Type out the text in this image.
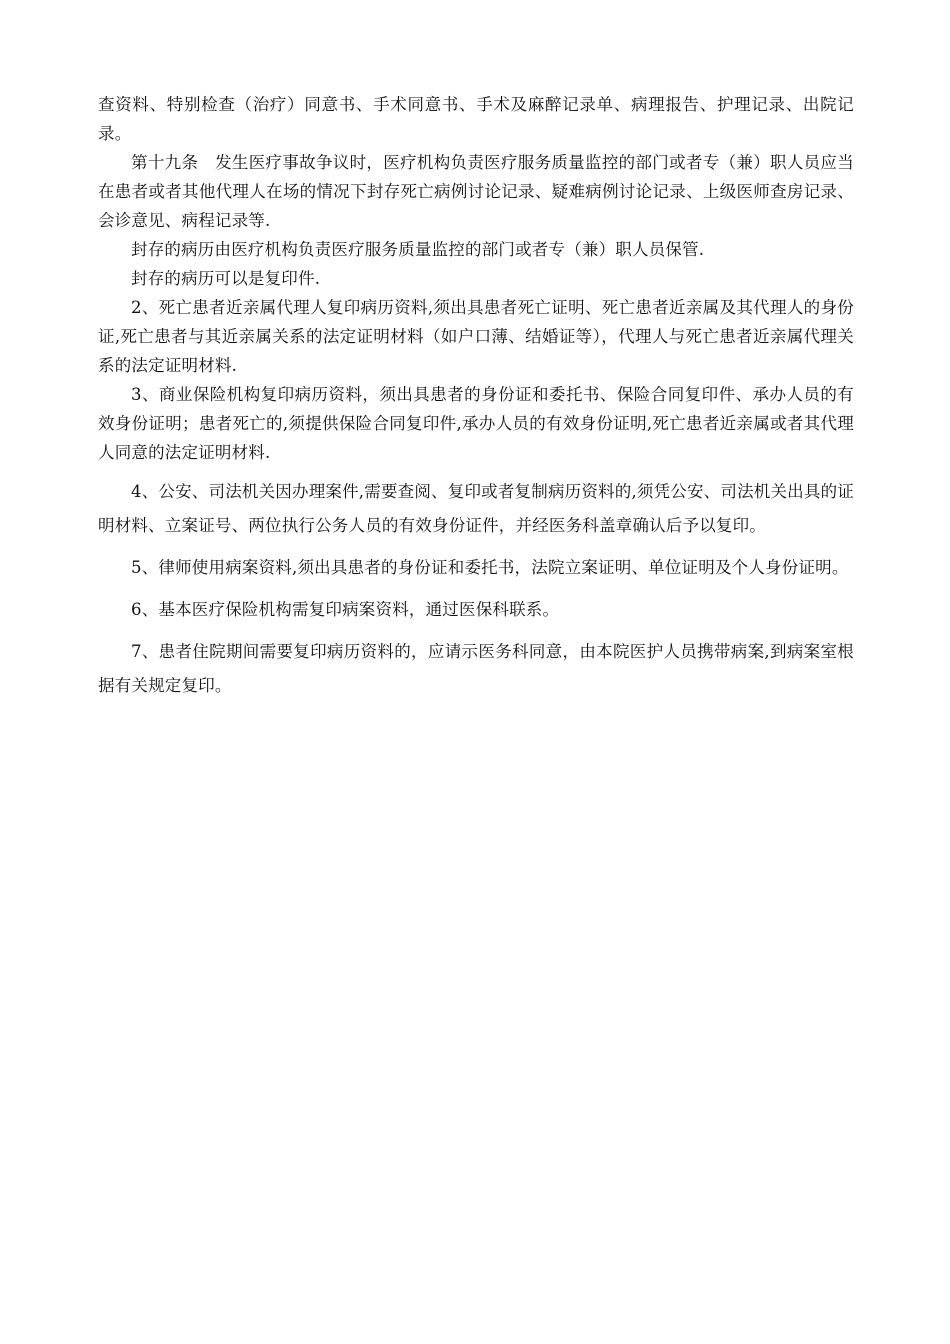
查资料、特别检查（治疗）同意书、手术同意书、手术及麻醉记录单、病理报告、护理记录、出院记录。

第十九条　发生医疗事故争议时，医疗机构负责医疗服务质量监控的部门或者专（兼）职人员应当在患者或者其他代理人在场的情况下封存死亡病例讨论记录、疑难病例讨论记录、上级医师查房记录、会诊意见、病程记录等.

封存的病历由医疗机构负责医疗服务质量监控的部门或者专（兼）职人员保管.

封存的病历可以是复印件.

2、死亡患者近亲属代理人复印病历资料,须出具患者死亡证明、死亡患者近亲属及其代理人的身份证,死亡患者与其近亲属关系的法定证明材料（如户口薄、结婚证等），代理人与死亡患者近亲属代理关系的法定证明材料.

3、商业保险机构复印病历资料，须出具患者的身份证和委托书、保险合同复印件、承办人员的有效身份证明；患者死亡的,须提供保险合同复印件,承办人员的有效身份证明,死亡患者近亲属或者其代理人同意的法定证明材料.

4、公安、司法机关因办理案件,需要查阅、复印或者复制病历资料的,须凭公安、司法机关出具的证明材料、立案证号、两位执行公务人员的有效身份证件，并经医务科盖章确认后予以复印。

5、律师使用病案资料,须出具患者的身份证和委托书，法院立案证明、单位证明及个人身份证明。

6、基本医疗保险机构需复印病案资料，通过医保科联系。

7、患者住院期间需要复印病历资料的，应请示医务科同意，由本院医护人员携带病案,到病案室根据有关规定复印。
